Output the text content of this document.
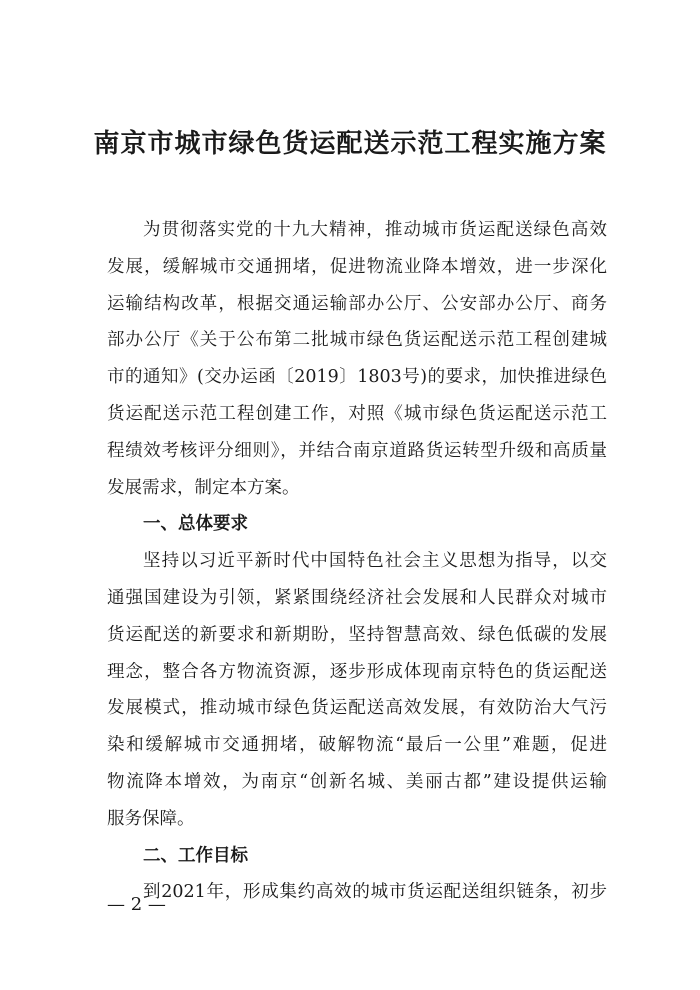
南京市城市绿色货运配送示范工程实施方案
为贯彻落实党的十九大精神，推动城市货运配送绿色高效
发展，缓解城市交通拥堵，促进物流业降本增效，进一步深化
运输结构改革，根据交通运输部办公厅、公安部办公厅、商务
部办公厅《关于公布第二批城市绿色货运配送示范工程创建城
市的通知》(交办运函〔2019〕1803号)的要求，加快推进绿色
货运配送示范工程创建工作，对照《城市绿色货运配送示范工
程绩效考核评分细则》，并结合南京道路货运转型升级和高质量
发展需求，制定本方案。
一、总体要求
坚持以习近平新时代中国特色社会主义思想为指导，以交
通强国建设为引领，紧紧围绕经济社会发展和人民群众对城市
货运配送的新要求和新期盼，坚持智慧高效、绿色低碳的发展
理念，整合各方物流资源，逐步形成体现南京特色的货运配送
发展模式，推动城市绿色货运配送高效发展，有效防治大气污
染和缓解城市交通拥堵，破解物流“最后一公里”难题，促进
物流降本增效，为南京“创新名城、美丽古都”建设提供运输
服务保障。
二、工作目标
到2021年，形成集约高效的城市货运配送组织链条，初步
— 2 —
